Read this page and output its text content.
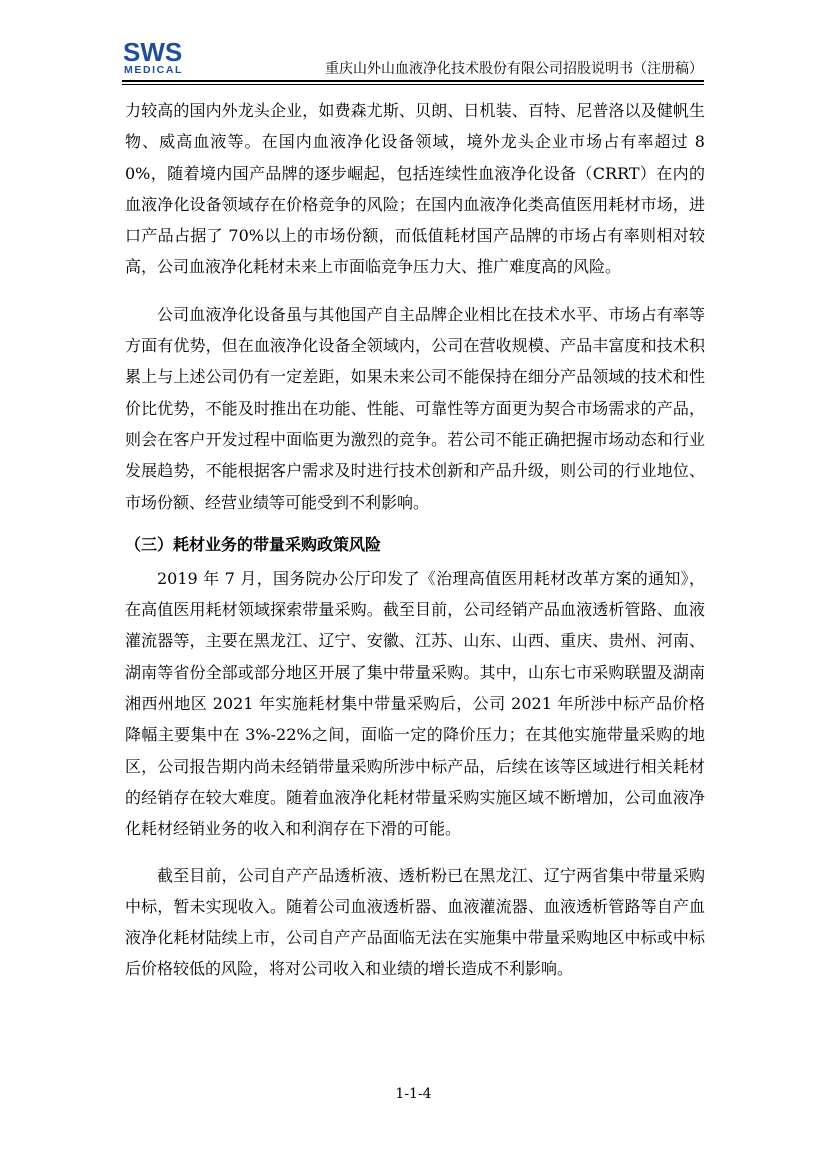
SWS
MEDICAL	重庆山外山血液净化技术股份有限公司招股说明书（注册稿）

力较高的国内外龙头企业，如费森尤斯、贝朗、日机装、百特、尼普洛以及健帆生物、威高血液等。在国内血液净化设备领域，境外龙头企业市场占有率超过 80%，随着境内国产品牌的逐步崛起，包括连续性血液净化设备（CRRT）在内的血液净化设备领域存在价格竞争的风险；在国内血液净化类高值医用耗材市场，进口产品占据了 70%以上的市场份额，而低值耗材国产品牌的市场占有率则相对较高，公司血液净化耗材未来上市面临竞争压力大、推广难度高的风险。

公司血液净化设备虽与其他国产自主品牌企业相比在技术水平、市场占有率等方面有优势，但在血液净化设备全领域内，公司在营收规模、产品丰富度和技术积累上与上述公司仍有一定差距，如果未来公司不能保持在细分产品领域的技术和性价比优势，不能及时推出在功能、性能、可靠性等方面更为契合市场需求的产品，则会在客户开发过程中面临更为激烈的竞争。若公司不能正确把握市场动态和行业发展趋势，不能根据客户需求及时进行技术创新和产品升级，则公司的行业地位、市场份额、经营业绩等可能受到不利影响。

（三）耗材业务的带量采购政策风险

2019 年 7 月，国务院办公厅印发了《治理高值医用耗材改革方案的通知》，在高值医用耗材领域探索带量采购。截至目前，公司经销产品血液透析管路、血液灌流器等，主要在黑龙江、辽宁、安徽、江苏、山东、山西、重庆、贵州、河南、湖南等省份全部或部分地区开展了集中带量采购。其中，山东七市采购联盟及湖南湘西州地区 2021 年实施耗材集中带量采购后，公司 2021 年所涉中标产品价格降幅主要集中在 3%-22%之间，面临一定的降价压力；在其他实施带量采购的地区，公司报告期内尚未经销带量采购所涉中标产品，后续在该等区域进行相关耗材的经销存在较大难度。随着血液净化耗材带量采购实施区域不断增加，公司血液净化耗材经销业务的收入和利润存在下滑的可能。

截至目前，公司自产产品透析液、透析粉已在黑龙江、辽宁两省集中带量采购中标，暂未实现收入。随着公司血液透析器、血液灌流器、血液透析管路等自产血液净化耗材陆续上市，公司自产产品面临无法在实施集中带量采购地区中标或中标后价格较低的风险，将对公司收入和业绩的增长造成不利影响。

1-1-4
